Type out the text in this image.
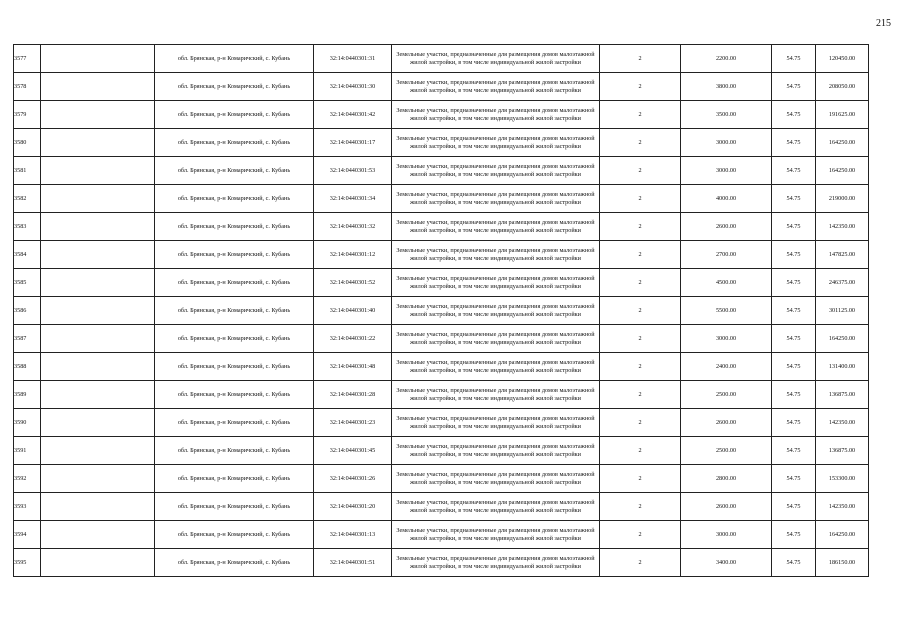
215
3577		обл. Брянская, р-н Комаричский, с. Кубань	32:14:0440301:31	Земельные участки, предназначенные для размещения домов малоэтажной жилой застройки, в том числе индивидуальной жилой застройки	2	2200.00	54.75	120450.00
3578		обл. Брянская, р-н Комаричский, с. Кубань	32:14:0440301:30	Земельные участки, предназначенные для размещения домов малоэтажной жилой застройки, в том числе индивидуальной жилой застройки	2	3800.00	54.75	208050.00
3579		обл. Брянская, р-н Комаричский, с. Кубань	32:14:0440301:42	Земельные участки, предназначенные для размещения домов малоэтажной жилой застройки, в том числе индивидуальной жилой застройки	2	3500.00	54.75	191625.00
3580		обл. Брянская, р-н Комаричский, с. Кубань	32:14:0440301:17	Земельные участки, предназначенные для размещения домов малоэтажной жилой застройки, в том числе индивидуальной жилой застройки	2	3000.00	54.75	164250.00
3581		обл. Брянская, р-н Комаричский, с. Кубань	32:14:0440301:53	Земельные участки, предназначенные для размещения домов малоэтажной жилой застройки, в том числе индивидуальной жилой застройки	2	3000.00	54.75	164250.00
3582		обл. Брянская, р-н Комаричский, с. Кубань	32:14:0440301:34	Земельные участки, предназначенные для размещения домов малоэтажной жилой застройки, в том числе индивидуальной жилой застройки	2	4000.00	54.75	219000.00
3583		обл. Брянская, р-н Комаричский, с. Кубань	32:14:0440301:32	Земельные участки, предназначенные для размещения домов малоэтажной жилой застройки, в том числе индивидуальной жилой застройки	2	2600.00	54.75	142350.00
3584		обл. Брянская, р-н Комаричский, с. Кубань	32:14:0440301:12	Земельные участки, предназначенные для размещения домов малоэтажной жилой застройки, в том числе индивидуальной жилой застройки	2	2700.00	54.75	147825.00
3585		обл. Брянская, р-н Комаричский, с. Кубань	32:14:0440301:52	Земельные участки, предназначенные для размещения домов малоэтажной жилой застройки, в том числе индивидуальной жилой застройки	2	4500.00	54.75	246375.00
3586		обл. Брянская, р-н Комаричский, с. Кубань	32:14:0440301:40	Земельные участки, предназначенные для размещения домов малоэтажной жилой застройки, в том числе индивидуальной жилой застройки	2	5500.00	54.75	301125.00
3587		обл. Брянская, р-н Комаричский, с. Кубань	32:14:0440301:22	Земельные участки, предназначенные для размещения домов малоэтажной жилой застройки, в том числе индивидуальной жилой застройки	2	3000.00	54.75	164250.00
3588		обл. Брянская, р-н Комаричский, с. Кубань	32:14:0440301:48	Земельные участки, предназначенные для размещения домов малоэтажной жилой застройки, в том числе индивидуальной жилой застройки	2	2400.00	54.75	131400.00
3589		обл. Брянская, р-н Комаричский, с. Кубань	32:14:0440301:28	Земельные участки, предназначенные для размещения домов малоэтажной жилой застройки, в том числе индивидуальной жилой застройки	2	2500.00	54.75	136875.00
3590		обл. Брянская, р-н Комаричский, с. Кубань	32:14:0440301:23	Земельные участки, предназначенные для размещения домов малоэтажной жилой застройки, в том числе индивидуальной жилой застройки	2	2600.00	54.75	142350.00
3591		обл. Брянская, р-н Комаричский, с. Кубань	32:14:0440301:45	Земельные участки, предназначенные для размещения домов малоэтажной жилой застройки, в том числе индивидуальной жилой застройки	2	2500.00	54.75	136875.00
3592		обл. Брянская, р-н Комаричский, с. Кубань	32:14:0440301:26	Земельные участки, предназначенные для размещения домов малоэтажной жилой застройки, в том числе индивидуальной жилой застройки	2	2800.00	54.75	153300.00
3593		обл. Брянская, р-н Комаричский, с. Кубань	32:14:0440301:20	Земельные участки, предназначенные для размещения домов малоэтажной жилой застройки, в том числе индивидуальной жилой застройки	2	2600.00	54.75	142350.00
3594		обл. Брянская, р-н Комаричский, с. Кубань	32:14:0440301:13	Земельные участки, предназначенные для размещения домов малоэтажной жилой застройки, в том числе индивидуальной жилой застройки	2	3000.00	54.75	164250.00
3595		обл. Брянская, р-н Комаричский, с. Кубань	32:14:0440301:51	Земельные участки, предназначенные для размещения домов малоэтажной жилой застройки, в том числе индивидуальной жилой застройки	2	3400.00	54.75	186150.00
